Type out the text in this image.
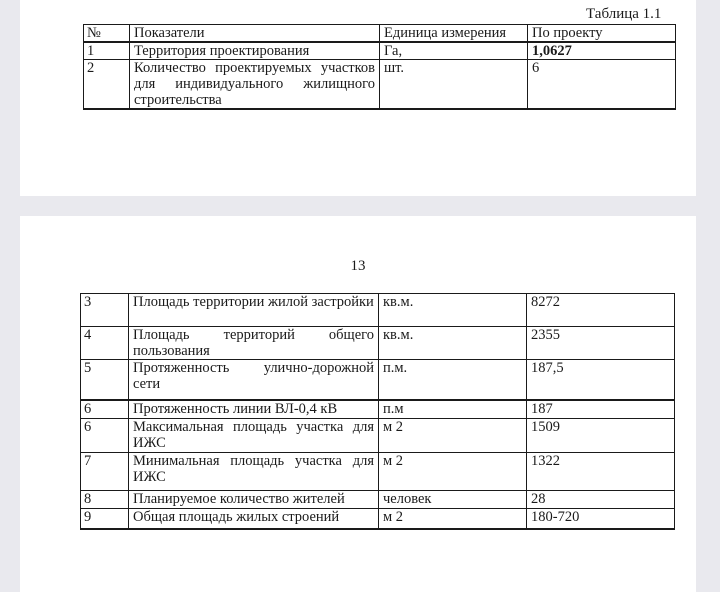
Таблица 1.1
№	Показатели	Единица измерения	По проекту
1	Территория проектирования	Га,	1,0627
2	Количество проектируемых участков для индивидуального жилищного строительства	шт.	6
13
3	Площадь территории жилой застройки	кв.м.	8272
4	Площадь территорий общего пользования	кв.м.	2355
5	Протяженность улично-дорожной сети	п.м.	187,5
6	Протяженность линии ВЛ-0,4 кВ	п.м	187
6	Максимальная площадь участка для ИЖС	м 2	1509
7	Минимальная площадь участка для ИЖС	м 2	1322
8	Планируемое количество жителей	человек	28
9	Общая площадь жилых строений	м 2	180-720
